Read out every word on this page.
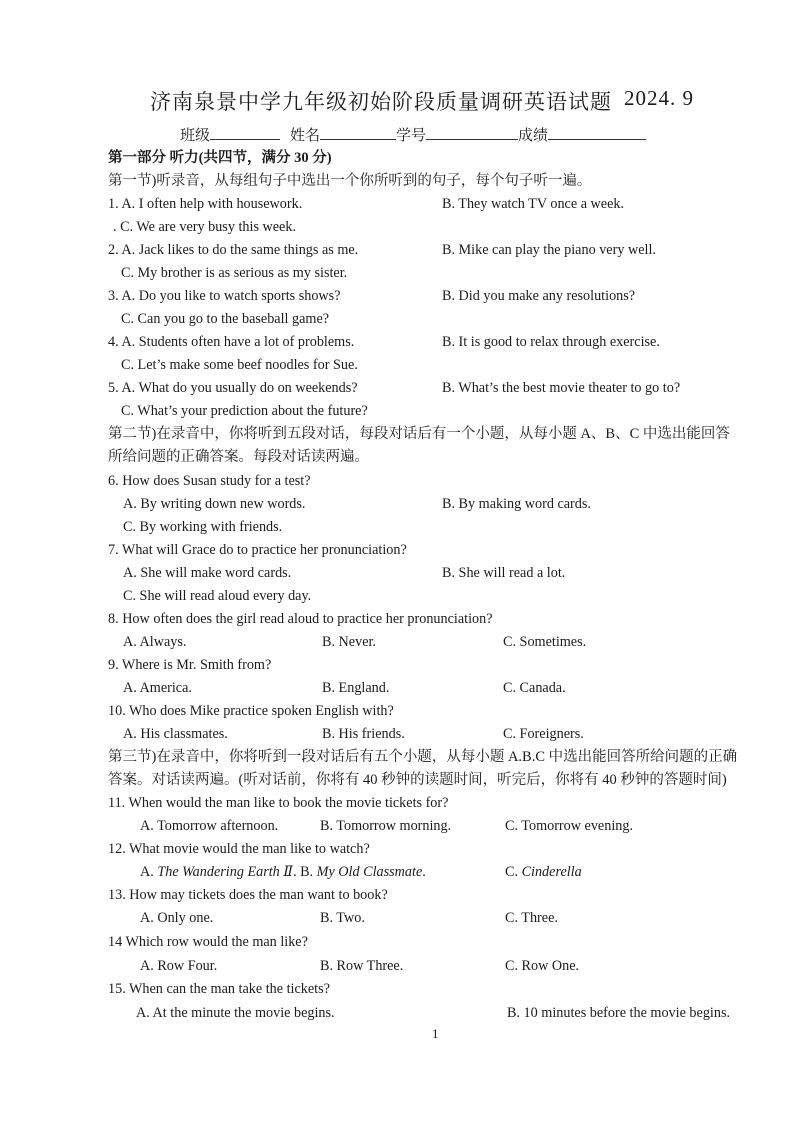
济南泉景中学九年级初始阶段质量调研英语试题 2024. 9
班级	姓名	学号	成绩
第一部分 听力(共四节，满分 30 分)
第一节)听录音，从每组句子中选出一个你所听到的句子，每个句子听一遍。
1. A. I often help with housework.	B. They watch TV once a week.
. C. We are very busy this week.
2. A. Jack likes to do the same things as me.	B. Mike can play the piano very well.
C. My brother is as serious as my sister.
3. A. Do you like to watch sports shows?	B. Did you make any resolutions?
C. Can you go to the baseball game?
4. A. Students often have a lot of problems.	B. It is good to relax through exercise.
C. Let’s make some beef noodles for Sue.
5. A. What do you usually do on weekends?	B. What’s the best movie theater to go to?
C. What’s your prediction about the future?
第二节)在录音中，你将听到五段对话，每段对话后有一个小题，从每小题 A、B、C 中选出能回答
所给问题的正确答案。每段对话读两遍。
6. How does Susan study for a test?
A. By writing down new words.	B. By making word cards.
C. By working with friends.
7. What will Grace do to practice her pronunciation?
A. She will make word cards.	B. She will read a lot.
C. She will read aloud every day.
8. How often does the girl read aloud to practice her pronunciation?
A. Always.	B. Never.	C. Sometimes.
9. Where is Mr. Smith from?
A. America.	B. England.	C. Canada.
10. Who does Mike practice spoken English with?
A. His classmates.	B. His friends.	C. Foreigners.
第三节)在录音中，你将听到一段对话后有五个小题，从每小题 A.B.C 中选出能回答所给问题的正确
答案。对话读两遍。(听对话前，你将有 40 秒钟的读题时间，听完后，你将有 40 秒钟的答题时间)
11. When would the man like to book the movie tickets for?
A. Tomorrow afternoon.	B. Tomorrow morning.	C. Tomorrow evening.
12. What movie would the man like to watch?
A. The Wandering Earth Ⅱ. B. My Old Classmate.	C. Cinderella
13. How may tickets does the man want to book?
A. Only one.	B. Two.	C. Three.
14 Which row would the man like?
A. Row Four.	B. Row Three.	C. Row One.
15. When can the man take the tickets?
A. At the minute the movie begins.	B. 10 minutes before the movie begins.
1
